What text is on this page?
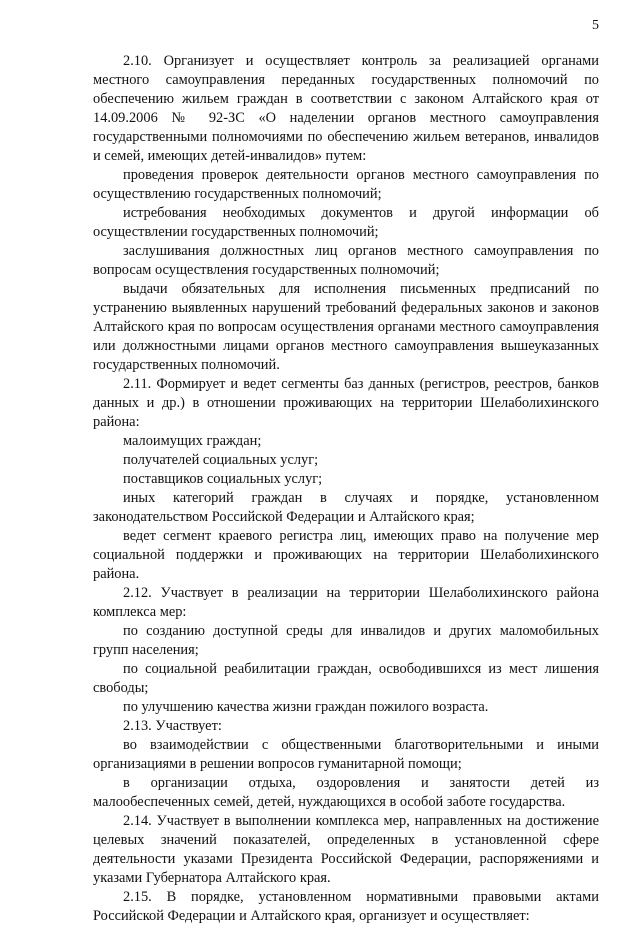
5

2.10. Организует и осуществляет контроль за реализацией органами местного самоуправления переданных государственных полномочий по обеспечению жильем граждан в соответствии с законом Алтайского края от 14.09.2006 № 92-ЗС «О наделении органов местного самоуправления государственными полномочиями по обеспечению жильем ветеранов, инвалидов и семей, имеющих детей-инвалидов» путем:

проведения проверок деятельности органов местного самоуправления по осуществлению государственных полномочий;

истребования необходимых документов и другой информации об осуществлении государственных полномочий;

заслушивания должностных лиц органов местного самоуправления по вопросам осуществления государственных полномочий;

выдачи обязательных для исполнения письменных предписаний по устранению выявленных нарушений требований федеральных законов и законов Алтайского края по вопросам осуществления органами местного самоуправления или должностными лицами органов местного самоуправления вышеуказанных государственных полномочий.

2.11. Формирует и ведет сегменты баз данных (регистров, реестров, банков данных и др.) в отношении проживающих на территории Шелаболихинского района:

малоимущих граждан;

получателей социальных услуг;

поставщиков социальных услуг;

иных категорий граждан в случаях и порядке, установленном законодательством Российской Федерации и Алтайского края;

ведет сегмент краевого регистра лиц, имеющих право на получение мер социальной поддержки и проживающих на территории Шелаболихинского района.

2.12. Участвует в реализации на территории Шелаболихинского района комплекса мер:

по созданию доступной среды для инвалидов и других маломобильных групп населения;

по социальной реабилитации граждан, освободившихся из мест лишения свободы;

по улучшению качества жизни граждан пожилого возраста.

2.13. Участвует:

во взаимодействии с общественными благотворительными и иными организациями в решении вопросов гуманитарной помощи;

в организации отдыха, оздоровления и занятости детей из малообеспеченных семей, детей, нуждающихся в особой заботе государства.

2.14. Участвует в выполнении комплекса мер, направленных на достижение целевых значений показателей, определенных в установленной сфере деятельности указами Президента Российской Федерации, распоряжениями и указами Губернатора Алтайского края.

2.15. В порядке, установленном нормативными правовыми актами Российской Федерации и Алтайского края, организует и осуществляет:
